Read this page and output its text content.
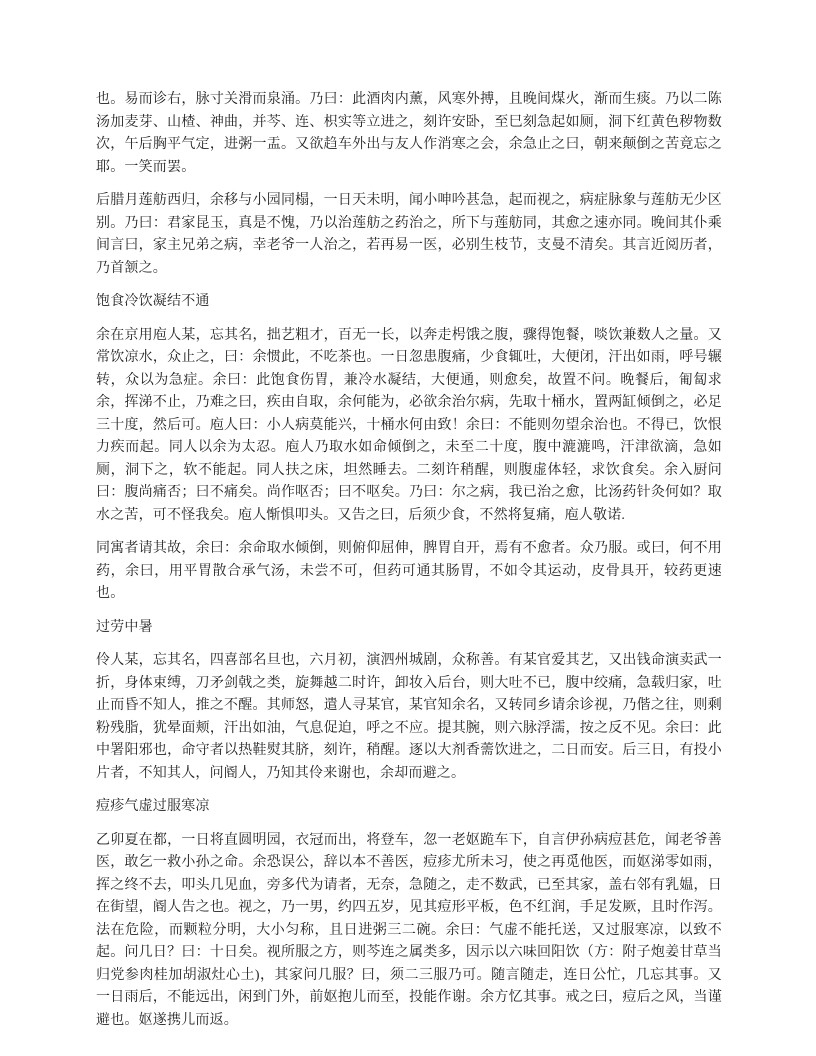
也。易而诊右，脉寸关滑而泉涌。乃曰：此酒肉内薰，风寒外搏，且晚间煤火，渐而生痰。乃以二陈汤加麦芽、山楂、神曲，并芩、连、枳实等立进之，刻许安卧，至巳刻急起如厕，洞下红黄色秽物数次，午后胸平气定，进粥一盂。又欲趋车外出与友人作消寒之会，余急止之曰，朝来颠倒之苦竟忘之耶。一笑而罢。
后腊月莲舫西归，余移与小园同榻，一日天未明，闻小呻吟甚急，起而视之，病症脉象与莲舫无少区别。乃曰：君家昆玉，真是不愧，乃以治莲舫之药治之，所下与莲舫同，其愈之速亦同。晚间其仆乘间言曰，家主兄弟之病，幸老爷一人治之，若再易一医，必别生枝节，支曼不清矣。其言近阅历者，乃首颔之。
饱食冷饮凝结不通
余在京用庖人某，忘其名，拙艺粗才，百无一长，以奔走枵饿之腹，骤得饱餐，啖饮兼数人之量。又常饮凉水，众止之，曰：余惯此，不吃茶也。一日忽患腹痛，少食辄吐，大便闭，汗出如雨，呼号辗转，众以为急症。余曰：此饱食伤胃，兼冷水凝结，大便通，则愈矣，故置不问。晚餐后，匍匐求余，挥涕不止，乃难之曰，疾由自取，余何能为，必欲余治尔病，先取十桶水，置两缸倾倒之，必足三十度，然后可。庖人曰：小人病莫能兴，十桶水何由致！余曰：不能则勿望余治也。不得已，饮恨力疾而起。同人以余为太忍。庖人乃取水如命倾倒之，未至二十度，腹中漉漉鸣，汗津欲滴，急如厕，洞下之，软不能起。同人扶之床，坦然睡去。二刻许稍醒，则腹虚体轻，求饮食矣。余入厨问曰：腹尚痛否；曰不痛矣。尚作呕否；曰不呕矣。乃曰：尔之病，我已治之愈，比汤药针灸何如？取水之苦，可不怪我矣。庖人惭惧叩头。又告之曰，后须少食，不然将复痛，庖人敬诺.
同寓者请其故，余曰：余命取水倾倒，则俯仰屈伸，脾胃自开，焉有不愈者。众乃服。或曰，何不用药，余曰，用平胃散合承气汤，未尝不可，但药可通其肠胃，不如令其运动，皮骨具开，较药更速也。
过劳中暑
伶人某，忘其名，四喜部名旦也，六月初，演泗州城剧，众称善。有某官爱其艺，又出钱命演卖武一折，身体束缚，刀矛剑戟之类，旋舞越二时许，卸妆入后台，则大吐不已，腹中绞痛，急载归家，吐止而昏不知人，推之不醒。其师怒，遣人寻某官，某官知余名，又转同乡请余诊视，乃偕之往，则剩粉残脂，犹晕面颊，汗出如油，气息促迫，呼之不应。提其腕，则六脉浮濡，按之反不见。余曰：此中署阳邪也，命守者以热鞋熨其脐，刻许，稍醒。逐以大剂香薷饮进之，二日而安。后三日，有投小片者，不知其人，问阍人，乃知其伶来谢也，余却而避之。
痘疹气虚过服寒凉
乙卯夏在都，一日将直圆明园，衣冠而出，将登车，忽一老妪跪车下，自言伊孙病痘甚危，闻老爷善医，敢乞一救小孙之命。余恐误公，辞以本不善医，痘疹尤所未习，使之再觅他医，而妪涕零如雨，挥之终不去，叩头几见血，旁多代为请者，无奈，急随之，走不数武，已至其家，盖右邻有乳媪，日在街望，阍人告之也。视之，乃一男，约四五岁，见其痘形平板，色不红润，手足发厥，且时作泻。法在危险，而颗粒分明，大小匀称，且日进粥三二碗。余曰：气虚不能托送，又过服寒凉，以致不起。问几日？曰：十日矣。视所服之方，则芩连之属类多，因示以六味回阳饮（方：附子炮姜甘草当归党参肉桂加胡淑灶心土)，其家问几服？曰，须二三服乃可。随言随走，连日公忙，几忘其事。又一日雨后，不能远出，闲到门外，前妪抱儿而至，投能作谢。余方忆其事。戒之曰，痘后之风，当谨避也。妪遂携儿而返。
